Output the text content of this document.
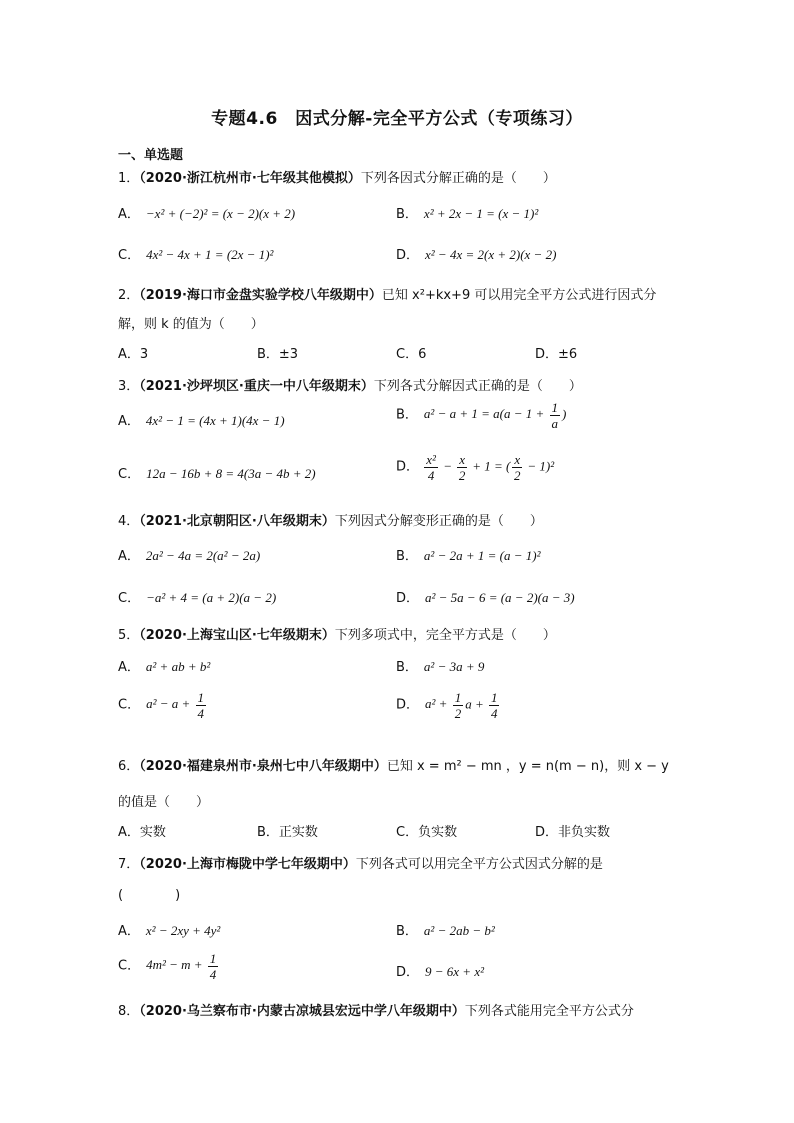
专题4.6　因式分解-完全平方公式（专项练习）
一、单选题
1．（2020·浙江杭州市·七年级其他模拟）下列各因式分解正确的是（　　）
A． −x² + (−2)² = (x − 2)(x + 2)	B． x² + 2x − 1 = (x − 1)²
C． 4x² − 4x + 1 = (2x − 1)²	D． x² − 4x = 2(x + 2)(x − 2)
2．（2019·海口市金盘实验学校八年级期中）已知 x²+kx+9 可以用完全平方公式进行因式分
解，则 k 的值为（　　）
A．3	B．±3	C．6	D．±6
3．（2021·沙坪坝区·重庆一中八年级期末）下列各式分解因式正确的是（　　）
A． 4x² − 1 = (4x + 1)(4x − 1)	B． $a^2 - a + 1 = a(a - 1 + \frac{1}{a}$ )
C． 12a − 16b + 8 = 4(3a − 4b + 2)	D． $\frac{\text{x²}}{4} - \frac{x}{2} + 1$ = ( $\frac{x}{2} - 1)^2$
4．（2021·北京朝阳区·八年级期末）下列因式分解变形正确的是（　　）
A． 2a² − 4a = 2(a² − 2a)	B． a² − 2a + 1 = (a − 1)²
C． −a² + 4 = (a + 2)(a − 2)	D． a² − 5a − 6 = (a − 2)(a − 3)
5．（2020·上海宝山区·七年级期末）下列多项式中，完全平方式是（　　）
A． a² + ab + b²	B． a² − 3a + 9
C． $a^2 - a + \frac{1}{4}$	D． $a^2 + \frac{1}{2}$ $a + \frac{1}{4}$
6．（2020·福建泉州市·泉州七中八年级期中）已知 x = m² − mn ，y = n(m − n)，则 x − y
的值是（　　）
A．实数	B．正实数	C．负实数	D．非负实数
7．（2020·上海市梅陇中学七年级期中）下列各式可以用完全平方公式因式分解的是
(　　　　)
A． x² − 2xy + 4y²	B． a² − 2ab − b²
C． $4m^2 - m + \frac{1}{4}$	D． 9 − 6x + x²
8．（2020·乌兰察布市·内蒙古凉城县宏远中学八年级期中）下列各式能用完全平方公式分
